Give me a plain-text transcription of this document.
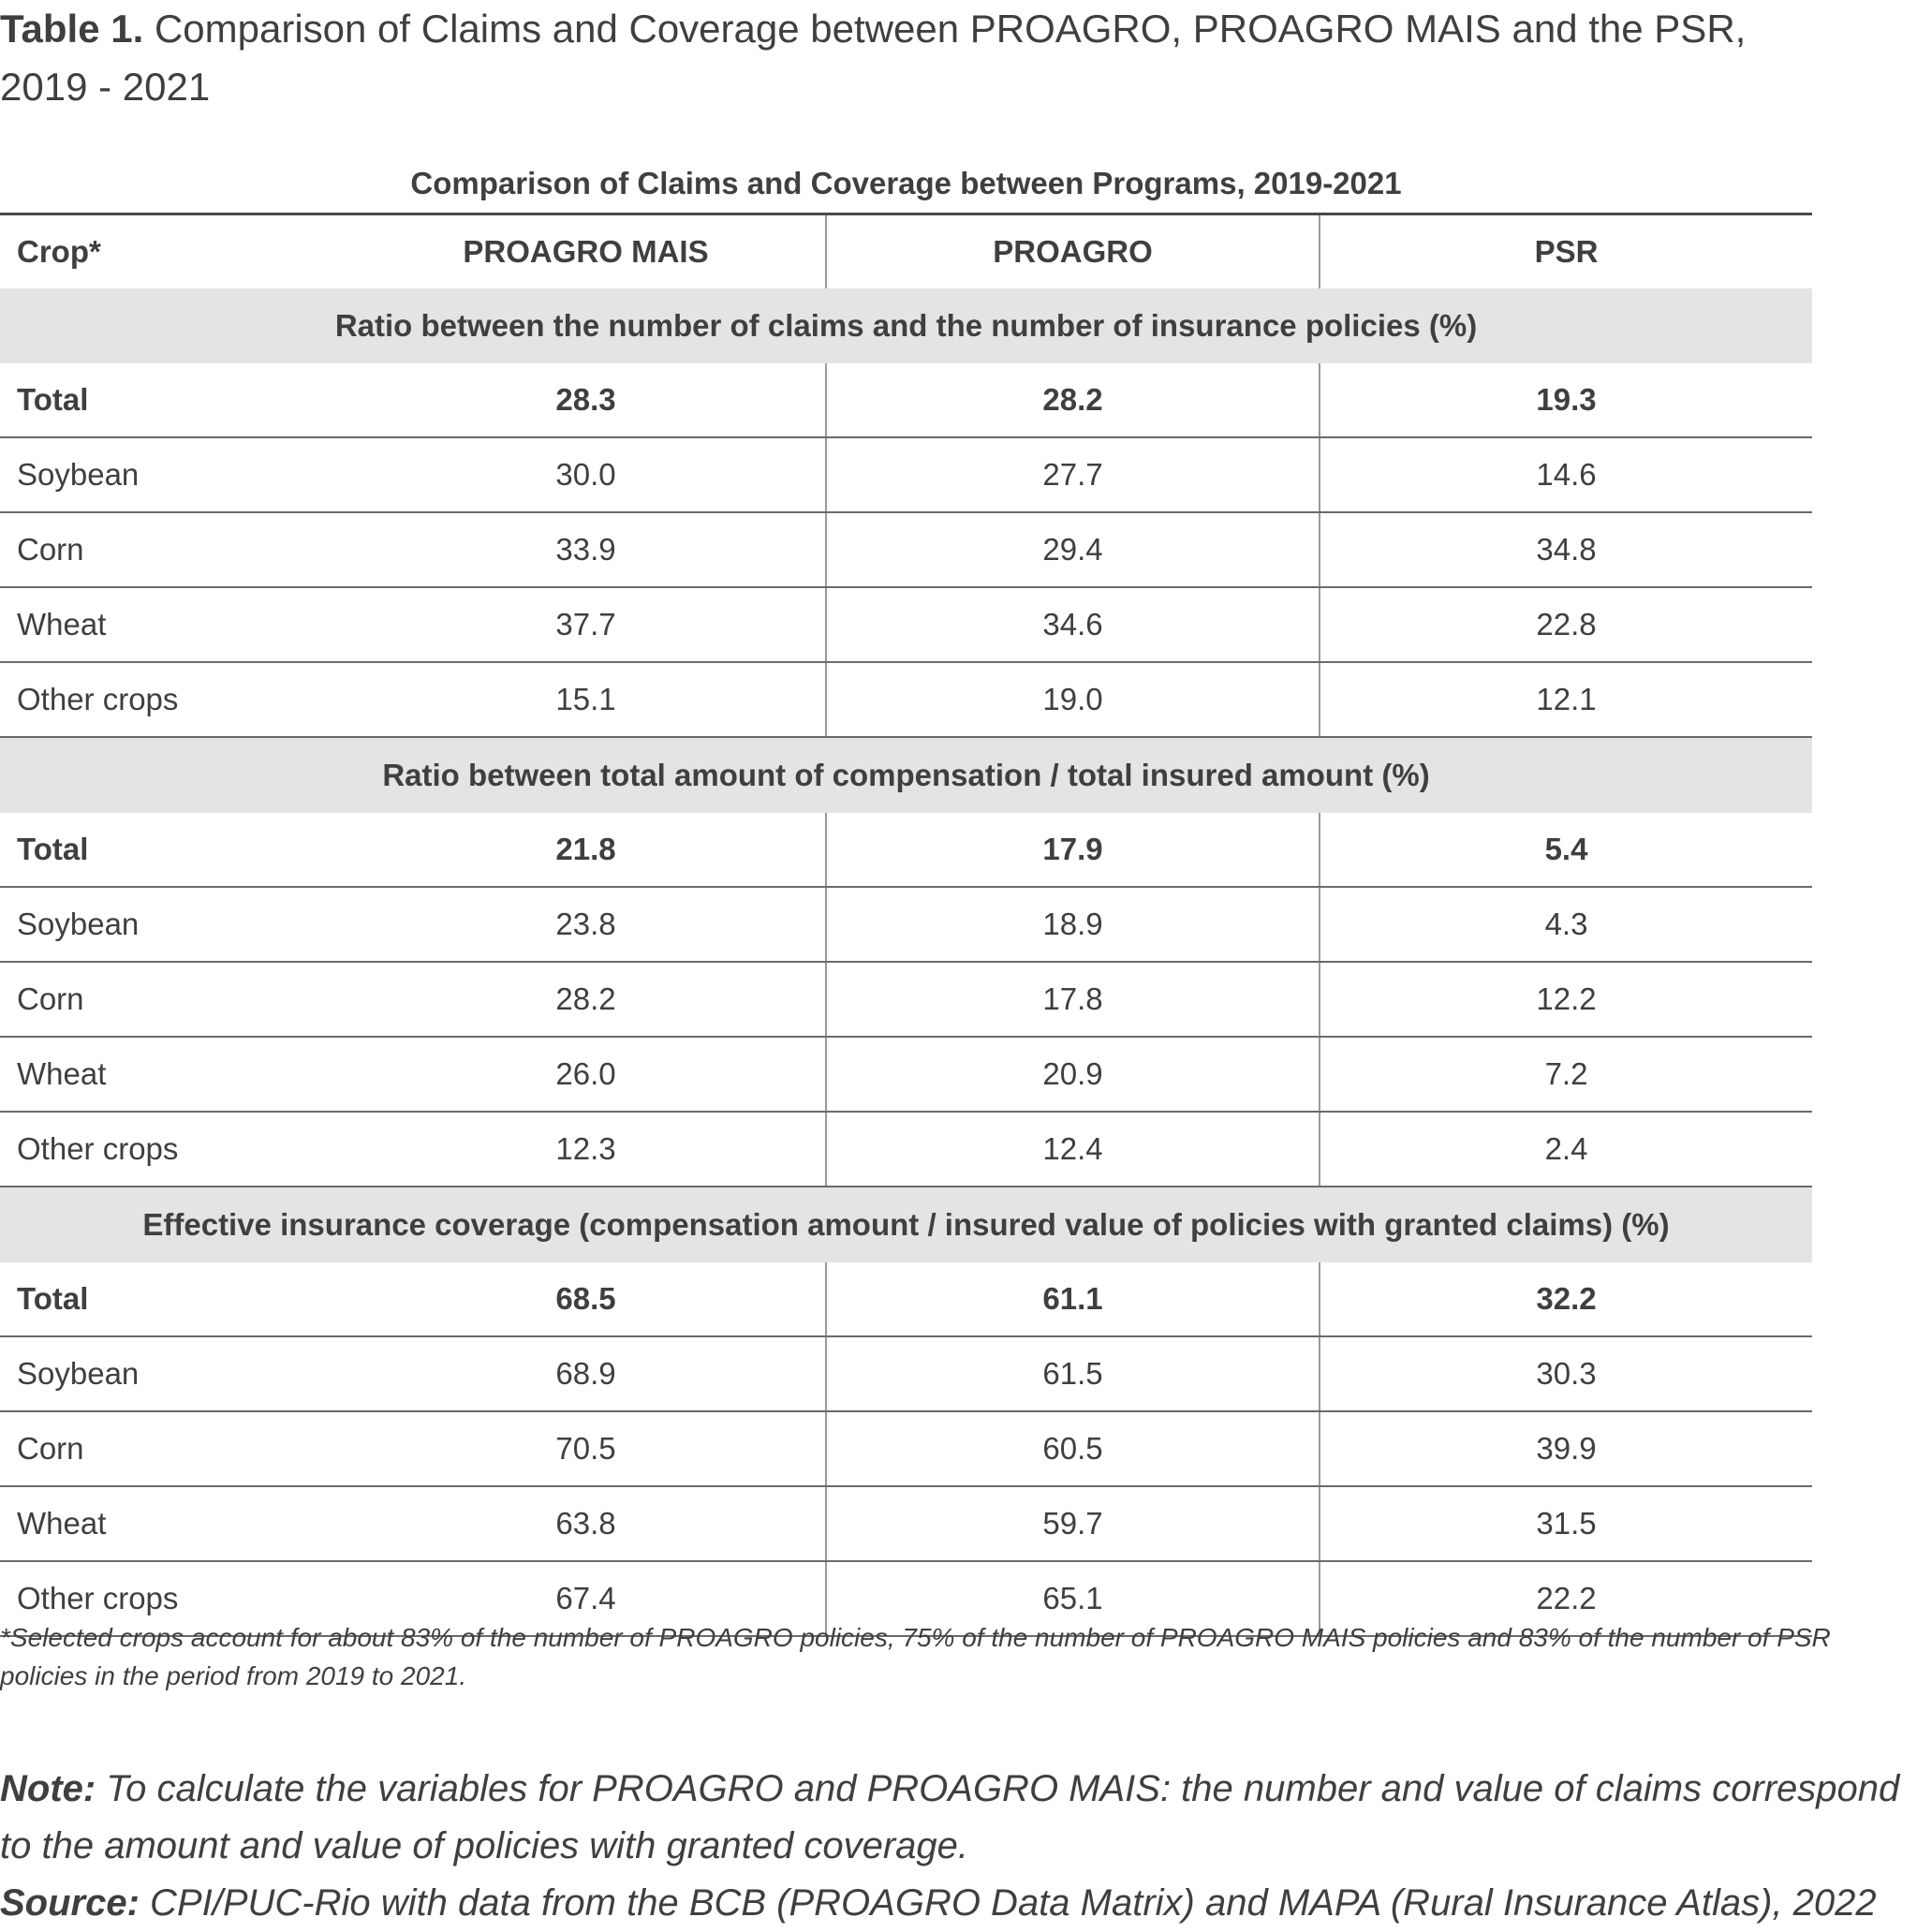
Table 1. Comparison of Claims and Coverage between PROAGRO, PROAGRO MAIS and the PSR, 2019 - 2021
Comparison of Claims and Coverage between Programs, 2019-2021
Crop*	PROAGRO MAIS	PROAGRO	PSR
Ratio between the number of claims and the number of insurance policies (%)
Total	28.3	28.2	19.3
Soybean	30.0	27.7	14.6
Corn	33.9	29.4	34.8
Wheat	37.7	34.6	22.8
Other crops	15.1	19.0	12.1
Ratio between total amount of compensation / total insured amount (%)
Total	21.8	17.9	5.4
Soybean	23.8	18.9	4.3
Corn	28.2	17.8	12.2
Wheat	26.0	20.9	7.2
Other crops	12.3	12.4	2.4
Effective insurance coverage (compensation amount / insured value of policies with granted claims) (%)
Total	68.5	61.1	32.2
Soybean	68.9	61.5	30.3
Corn	70.5	60.5	39.9
Wheat	63.8	59.7	31.5
Other crops	67.4	65.1	22.2
*Selected crops account for about 83% of the number of PROAGRO policies, 75% of the number of PROAGRO MAIS policies and 83% of the number of PSR policies in the period from 2019 to 2021.
Note: To calculate the variables for PROAGRO and PROAGRO MAIS: the number and value of claims correspond to the amount and value of policies with granted coverage.
Source: CPI/PUC-Rio with data from the BCB (PROAGRO Data Matrix) and MAPA (Rural Insurance Atlas), 2022
